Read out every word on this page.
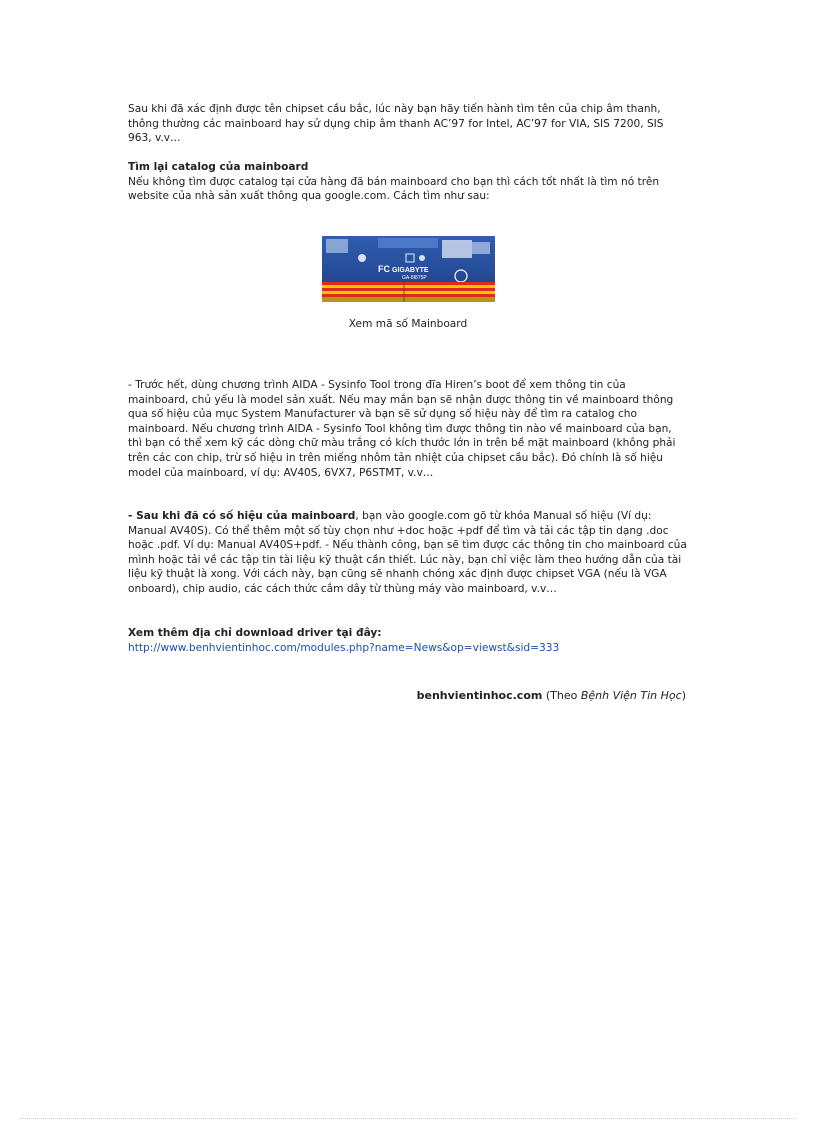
Sau khi đã xác định được tên chipset cầu bắc, lúc này bạn hãy tiến hành tìm tên của chip âm thanh, thông thường các mainboard hay sử dụng chip âm thanh AC’97 for Intel, AC’97 for VIA, SIS 7200, SIS 963, v.v…
Tìm lại catalog của mainboard
Nếu không tìm được catalog tại cửa hàng đã bán mainboard cho bạn thì cách tốt nhất là tìm nó trên website của nhà sản xuất thông qua google.com. Cách tìm như sau:
FC GIGABYTE
GA-8I875P
Xem mã số Mainboard
- Trước hết, dùng chương trình AIDA - Sysinfo Tool trong đĩa Hiren’s boot để xem thông tin của mainboard, chủ yếu là model sản xuất. Nếu may mắn bạn sẽ nhận được thông tin về mainboard thông qua số hiệu của mục System Manufacturer và bạn sẽ sử dụng số hiệu này để tìm ra catalog cho mainboard. Nếu chương trình AIDA - Sysinfo Tool không tìm được thông tin nào về mainboard của bạn, thì bạn có thể xem kỹ các dòng chữ màu trắng có kích thước lớn in trên bề mặt mainboard (không phải trên các con chip, trừ số hiệu in trên miếng nhôm tản nhiệt của chipset cầu bắc). Đó chính là số hiệu model của mainboard, ví dụ: AV40S, 6VX7, P6STMT, v.v…
- Sau khi đã có số hiệu của mainboard, bạn vào google.com gõ từ khóa Manual số hiệu (Ví dụ: Manual AV40S). Có thể thêm một số tùy chọn như +doc hoặc +pdf để tìm và tải các tập tin dạng .doc hoặc .pdf. Ví dụ: Manual AV40S+pdf. - Nếu thành công, bạn sẽ tìm được các thông tin cho mainboard của mình hoặc tải về các tập tin tài liệu kỹ thuật cần thiết. Lúc này, bạn chỉ việc làm theo hướng dẫn của tài liệu kỹ thuật là xong. Với cách này, bạn cũng sẽ nhanh chóng xác định được chipset VGA (nếu là VGA onboard), chip audio, các cách thức cắm dây từ thùng máy vào mainboard, v.v…
Xem thêm địa chỉ download driver tại đây:
http://www.benhvientinhoc.com/modules.php?name=News&op=viewst&sid=333
benhvientinhoc.com (Theo Bệnh Viện Tin Học)
